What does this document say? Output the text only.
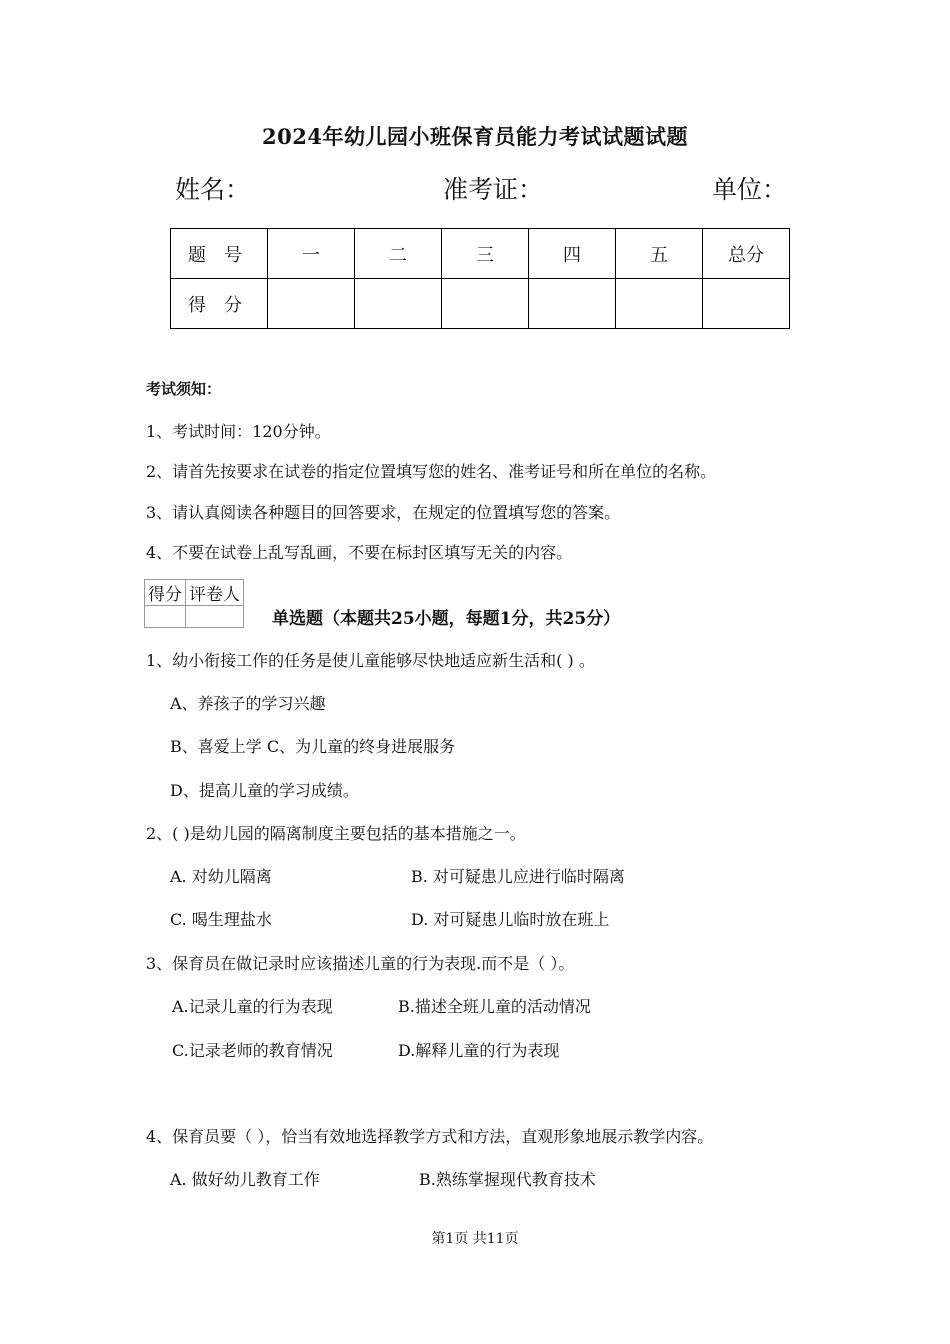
2024年幼儿园小班保育员能力考试试题试题
姓名：	准考证：	单位：
题号	一	二	三	四	五	总分
得分						
考试须知：
1、考试时间：120分钟。
2、请首先按要求在试卷的指定位置填写您的姓名、准考证号和所在单位的名称。
3、请认真阅读各种题目的回答要求，在规定的位置填写您的答案。
4、不要在试卷上乱写乱画，不要在标封区填写无关的内容。
得分	评卷人

单选题（本题共25小题，每题1分，共25分）
1、幼小衔接工作的任务是使儿童能够尽快地适应新生活和( ) 。
A、养孩子的学习兴趣
B、喜爱上学 C、为儿童的终身进展服务
D、提高儿童的学习成绩。
2、( )是幼儿园的隔离制度主要包括的基本措施之一。
A. 对幼儿隔离	B. 对可疑患儿应进行临时隔离
C. 喝生理盐水	D. 对可疑患儿临时放在班上
3、保育员在做记录时应该描述儿童的行为表现.而不是（ ）。
A.记录儿童的行为表现	B.描述全班儿童的活动情况
C.记录老师的教育情况	D.解释儿童的行为表现
4、保育员要（ ），恰当有效地选择教学方式和方法，直观形象地展示教学内容。
A. 做好幼儿教育工作	B.熟练掌握现代教育技术
第1页 共11页
